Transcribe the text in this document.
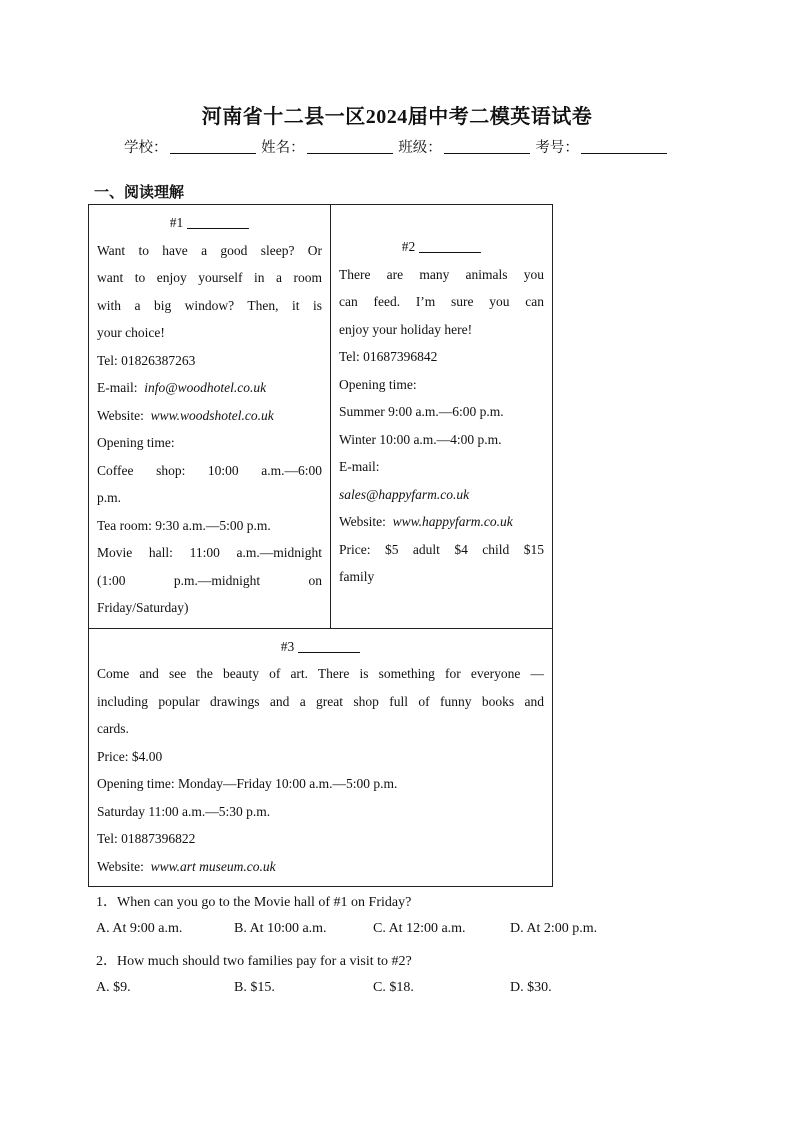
河南省十二县一区2024届中考二模英语试卷
学校：	姓名：	班级：	考号：
一、阅读理解
#1
Want to have a good sleep? Or
want to enjoy yourself in a room
with a big window? Then, it is
your choice!
Tel: 01826387263
E-mail: info@woodhotel.co.uk
Website: www.woodshotel.co.uk
Opening time:
Coffee shop: 10:00 a.m.—6:00
p.m.
Tea room: 9:30 a.m.—5:00 p.m.
Movie hall: 11:00 a.m.—midnight
(1:00 p.m.—midnight on
Friday/Saturday)

#2
There are many animals you
can feed. I’m sure you can
enjoy your holiday here!
Tel: 01687396842
Opening time:
Summer 9:00 a.m.—6:00 p.m.
Winter 10:00 a.m.—4:00 p.m.
E-mail:
sales@happyfarm.co.uk
Website: www.happyfarm.co.uk
Price: $5 adult $4 child $15
family

#3
Come and see the beauty of art. There is something for everyone —
including popular drawings and a great shop full of funny books and
cards.
Price: $4.00
Opening time: Monday—Friday 10:00 a.m.—5:00 p.m.
Saturday 11:00 a.m.—5:30 p.m.
Tel: 01887396822
Website: www.art museum.co.uk
1．When can you go to the Movie hall of #1 on Friday?
A. At 9:00 a.m.	B. At 10:00 a.m.	C. At 12:00 a.m.	D. At 2:00 p.m.
2．How much should two families pay for a visit to #2?
A. $9.	B. $15.	C. $18.	D. $30.
